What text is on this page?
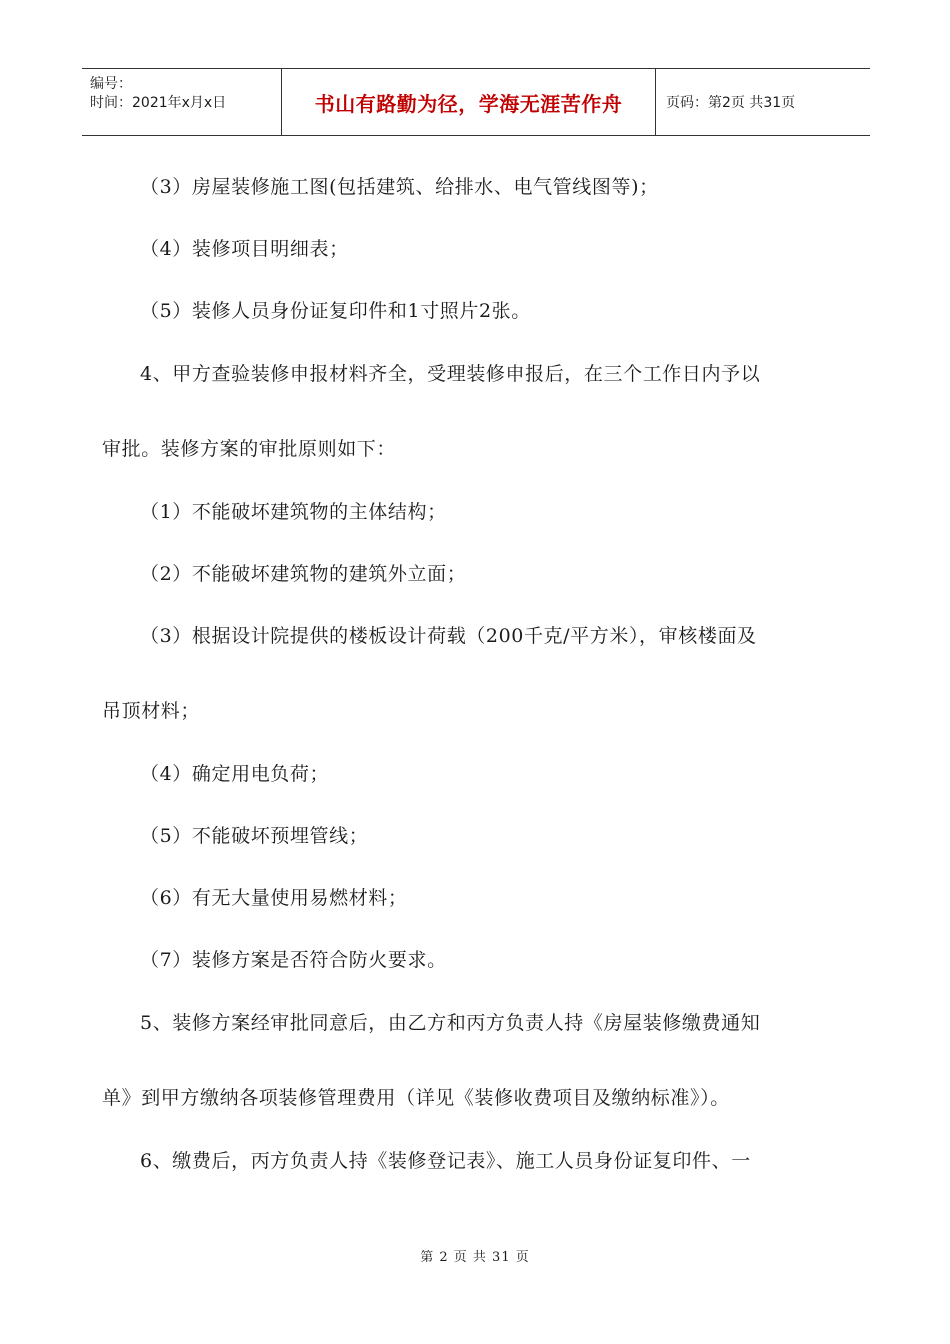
编号：
时间：2021年x月x日	书山有路勤为径，学海无涯苦作舟	页码：第2页 共31页
（3）房屋装修施工图(包括建筑、给排水、电气管线图等)；
（4）装修项目明细表；
（5）装修人员身份证复印件和1寸照片2张。
4、甲方查验装修申报材料齐全，受理装修申报后，在三个工作日内予以
审批。装修方案的审批原则如下：
（1）不能破坏建筑物的主体结构；
（2）不能破坏建筑物的建筑外立面；
（3）根据设计院提供的楼板设计荷载（200千克/平方米），审核楼面及
吊顶材料；
（4）确定用电负荷；
（5）不能破坏预埋管线；
（6）有无大量使用易燃材料；
（7）装修方案是否符合防火要求。
5、装修方案经审批同意后，由乙方和丙方负责人持《房屋装修缴费通知
单》到甲方缴纳各项装修管理费用（详见《装修收费项目及缴纳标准》）。
6、缴费后，丙方负责人持《装修登记表》、施工人员身份证复印件、一
第 2 页 共 31 页
